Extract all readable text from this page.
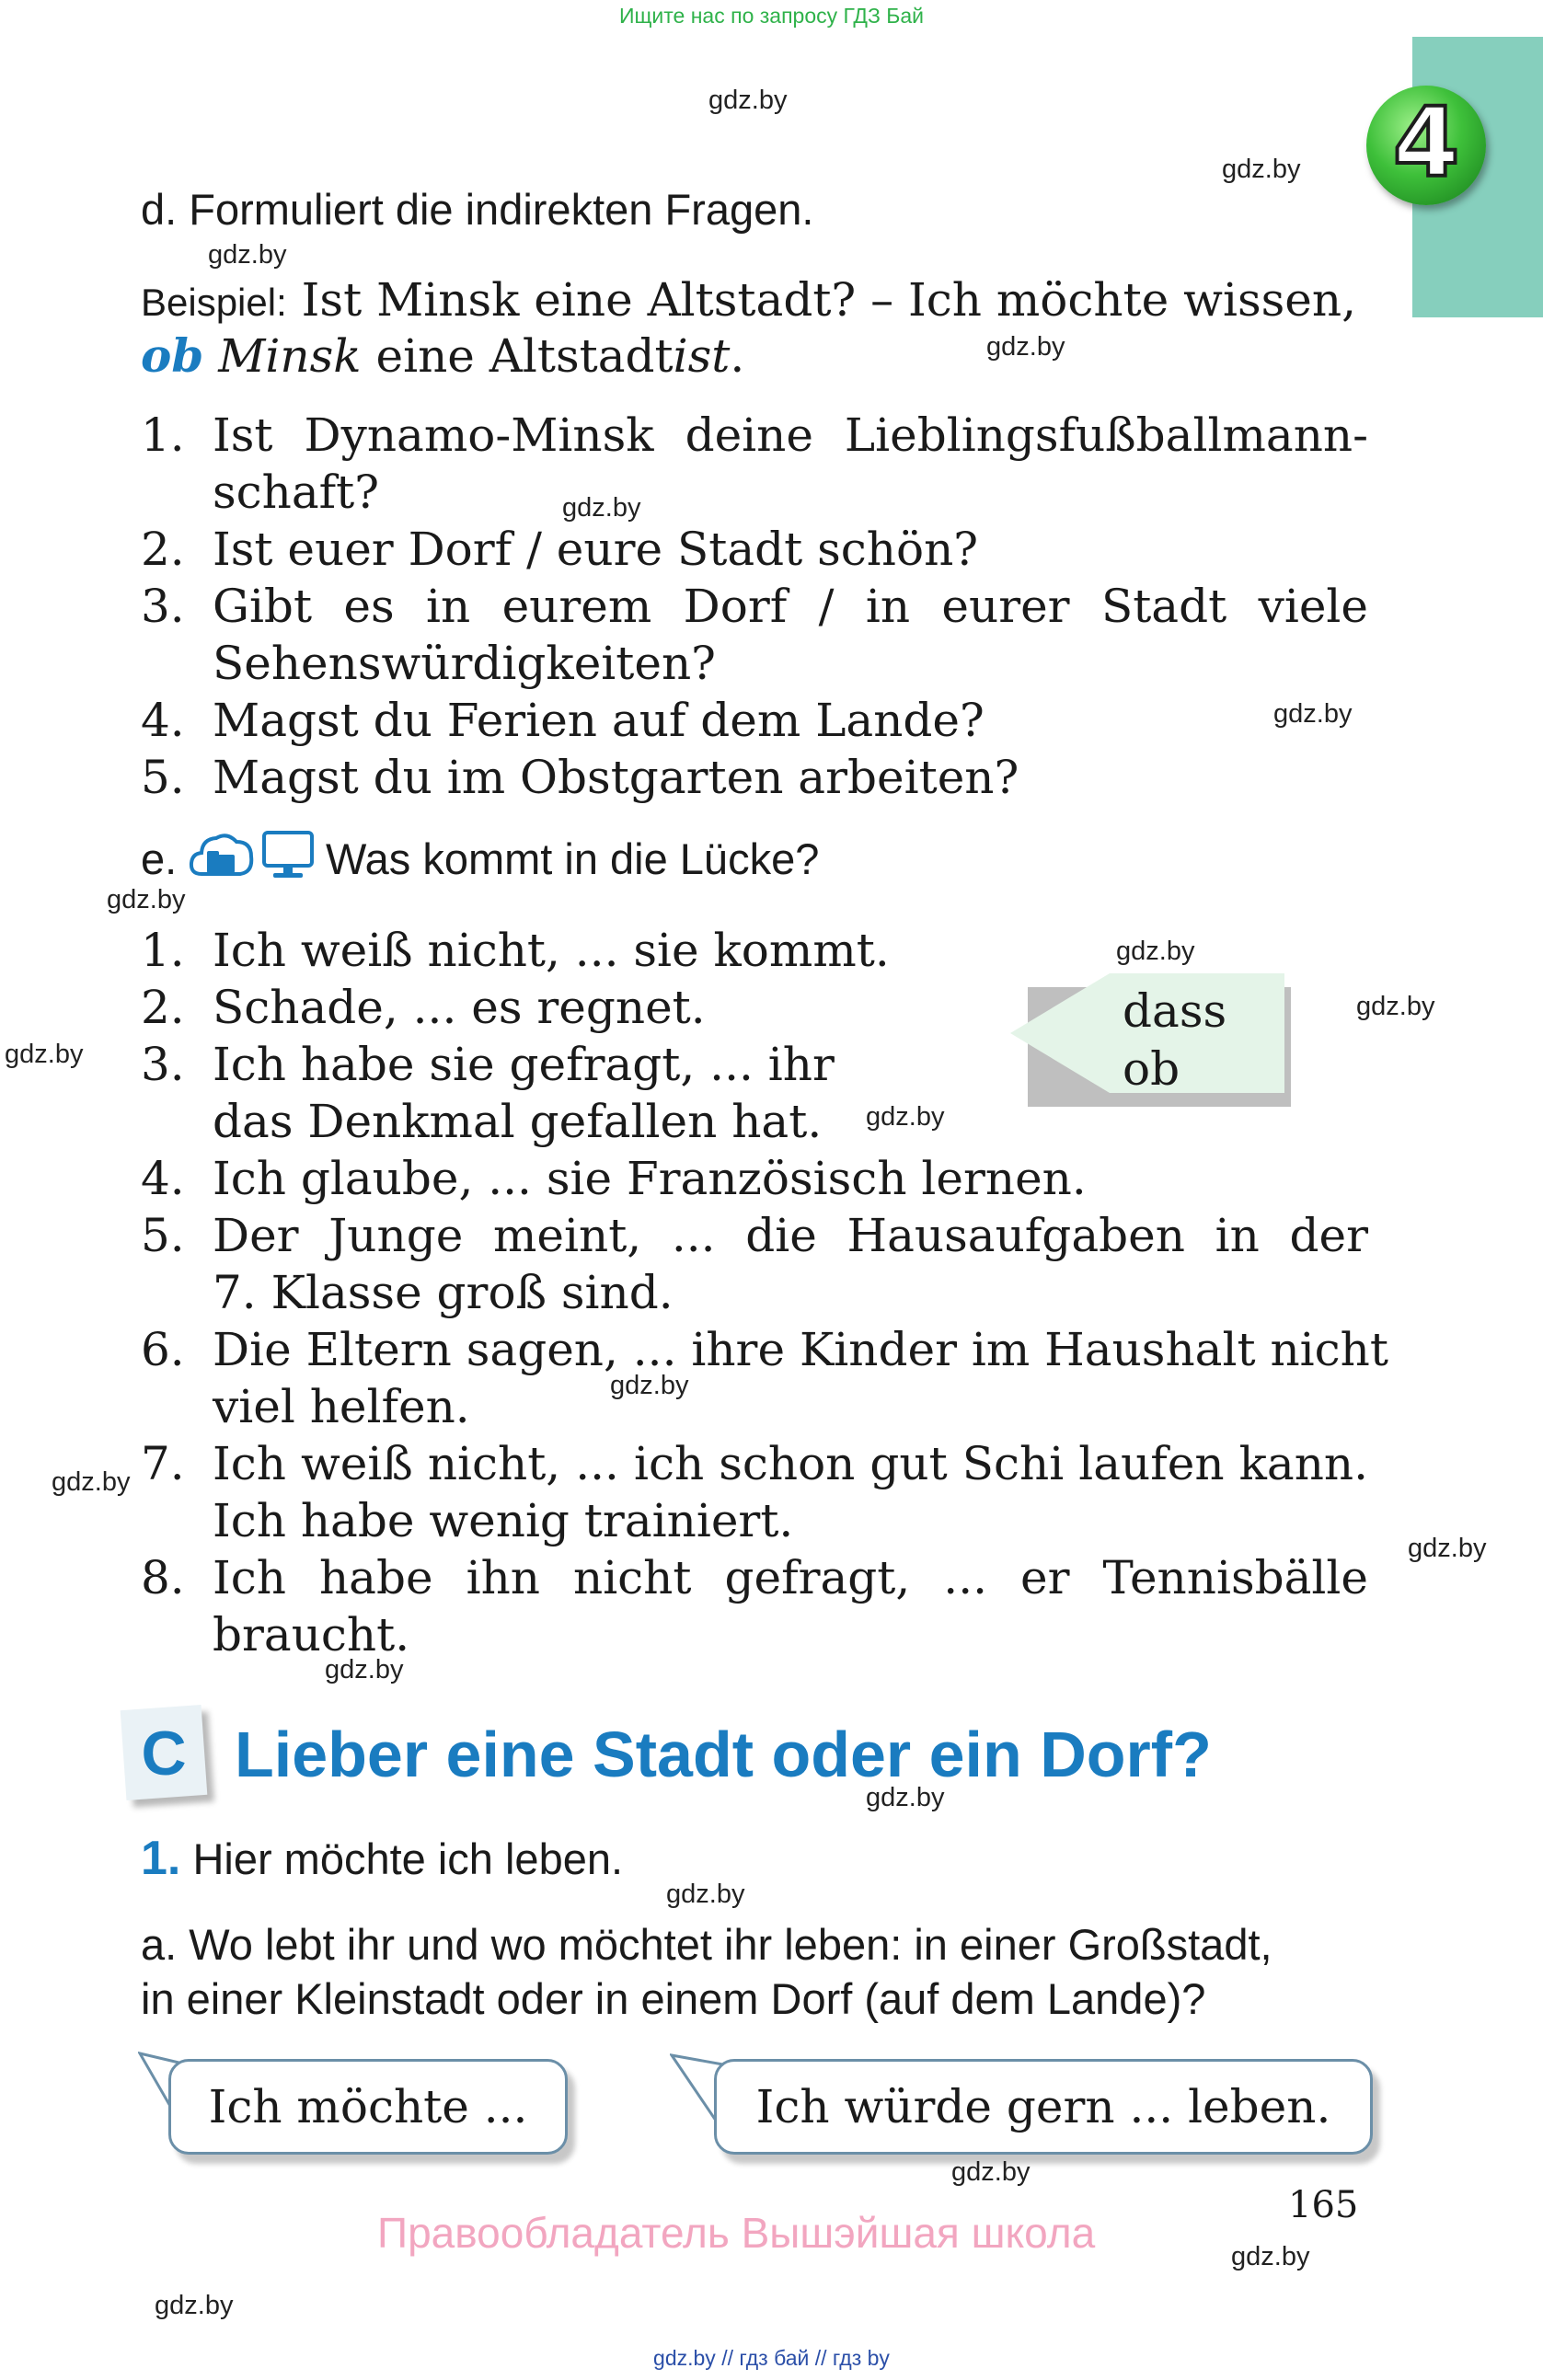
Ищите нас по запросу ГДЗ Бай
4
gdz.by
gdz.by
gdz.by
gdz.by
gdz.by
gdz.by
gdz.by
gdz.by
gdz.by
gdz.by
gdz.by
gdz.by
gdz.by
gdz.by
gdz.by
gdz.by
gdz.by
gdz.by
gdz.by
gdz.by
d. Formuliert die indirekten Fragen.
Beispiel: Ist Minsk eine Altstadt? – Ich möchte wissen,
ob Minsk eine Altstadtist.
1. Ist Dynamo-Minsk deine Lieblingsfußballmann-
schaft?
2. Ist euer Dorf / eure Stadt schön?
3. Gibt es in eurem Dorf / in eurer Stadt viele
Sehenswürdigkeiten?
4. Magst du Ferien auf dem Lande?
5. Magst du im Obstgarten arbeiten?
e.	Was kommt in die Lücke?
1. Ich weiß nicht, ... sie kommt.
2. Schade, ... es regnet.
3. Ich habe sie gefragt, ... ihr
das Denkmal gefallen hat.
4. Ich glaube, ... sie Französisch lernen.
5. Der Junge meint, ... die Hausaufgaben in der
7. Klasse groß sind.
6. Die Eltern sagen, ... ihre Kinder im Haushalt nicht
viel helfen.
7. Ich weiß nicht, ... ich schon gut Schi laufen kann.
Ich habe wenig trainiert.
8. Ich habe ihn nicht gefragt, ... er Tennisbälle
braucht.
dass
ob
C Lieber eine Stadt oder ein Dorf?
1. Hier möchte ich leben.
a. Wo lebt ihr und wo möchtet ihr leben: in einer Großstadt,
in einer Kleinstadt oder in einem Dorf (auf dem Lande)?
Ich möchte ...	Ich würde gern ... leben.
165
Правообладатель Вышэйшая школа
gdz.by // гдз бай // гдз by
